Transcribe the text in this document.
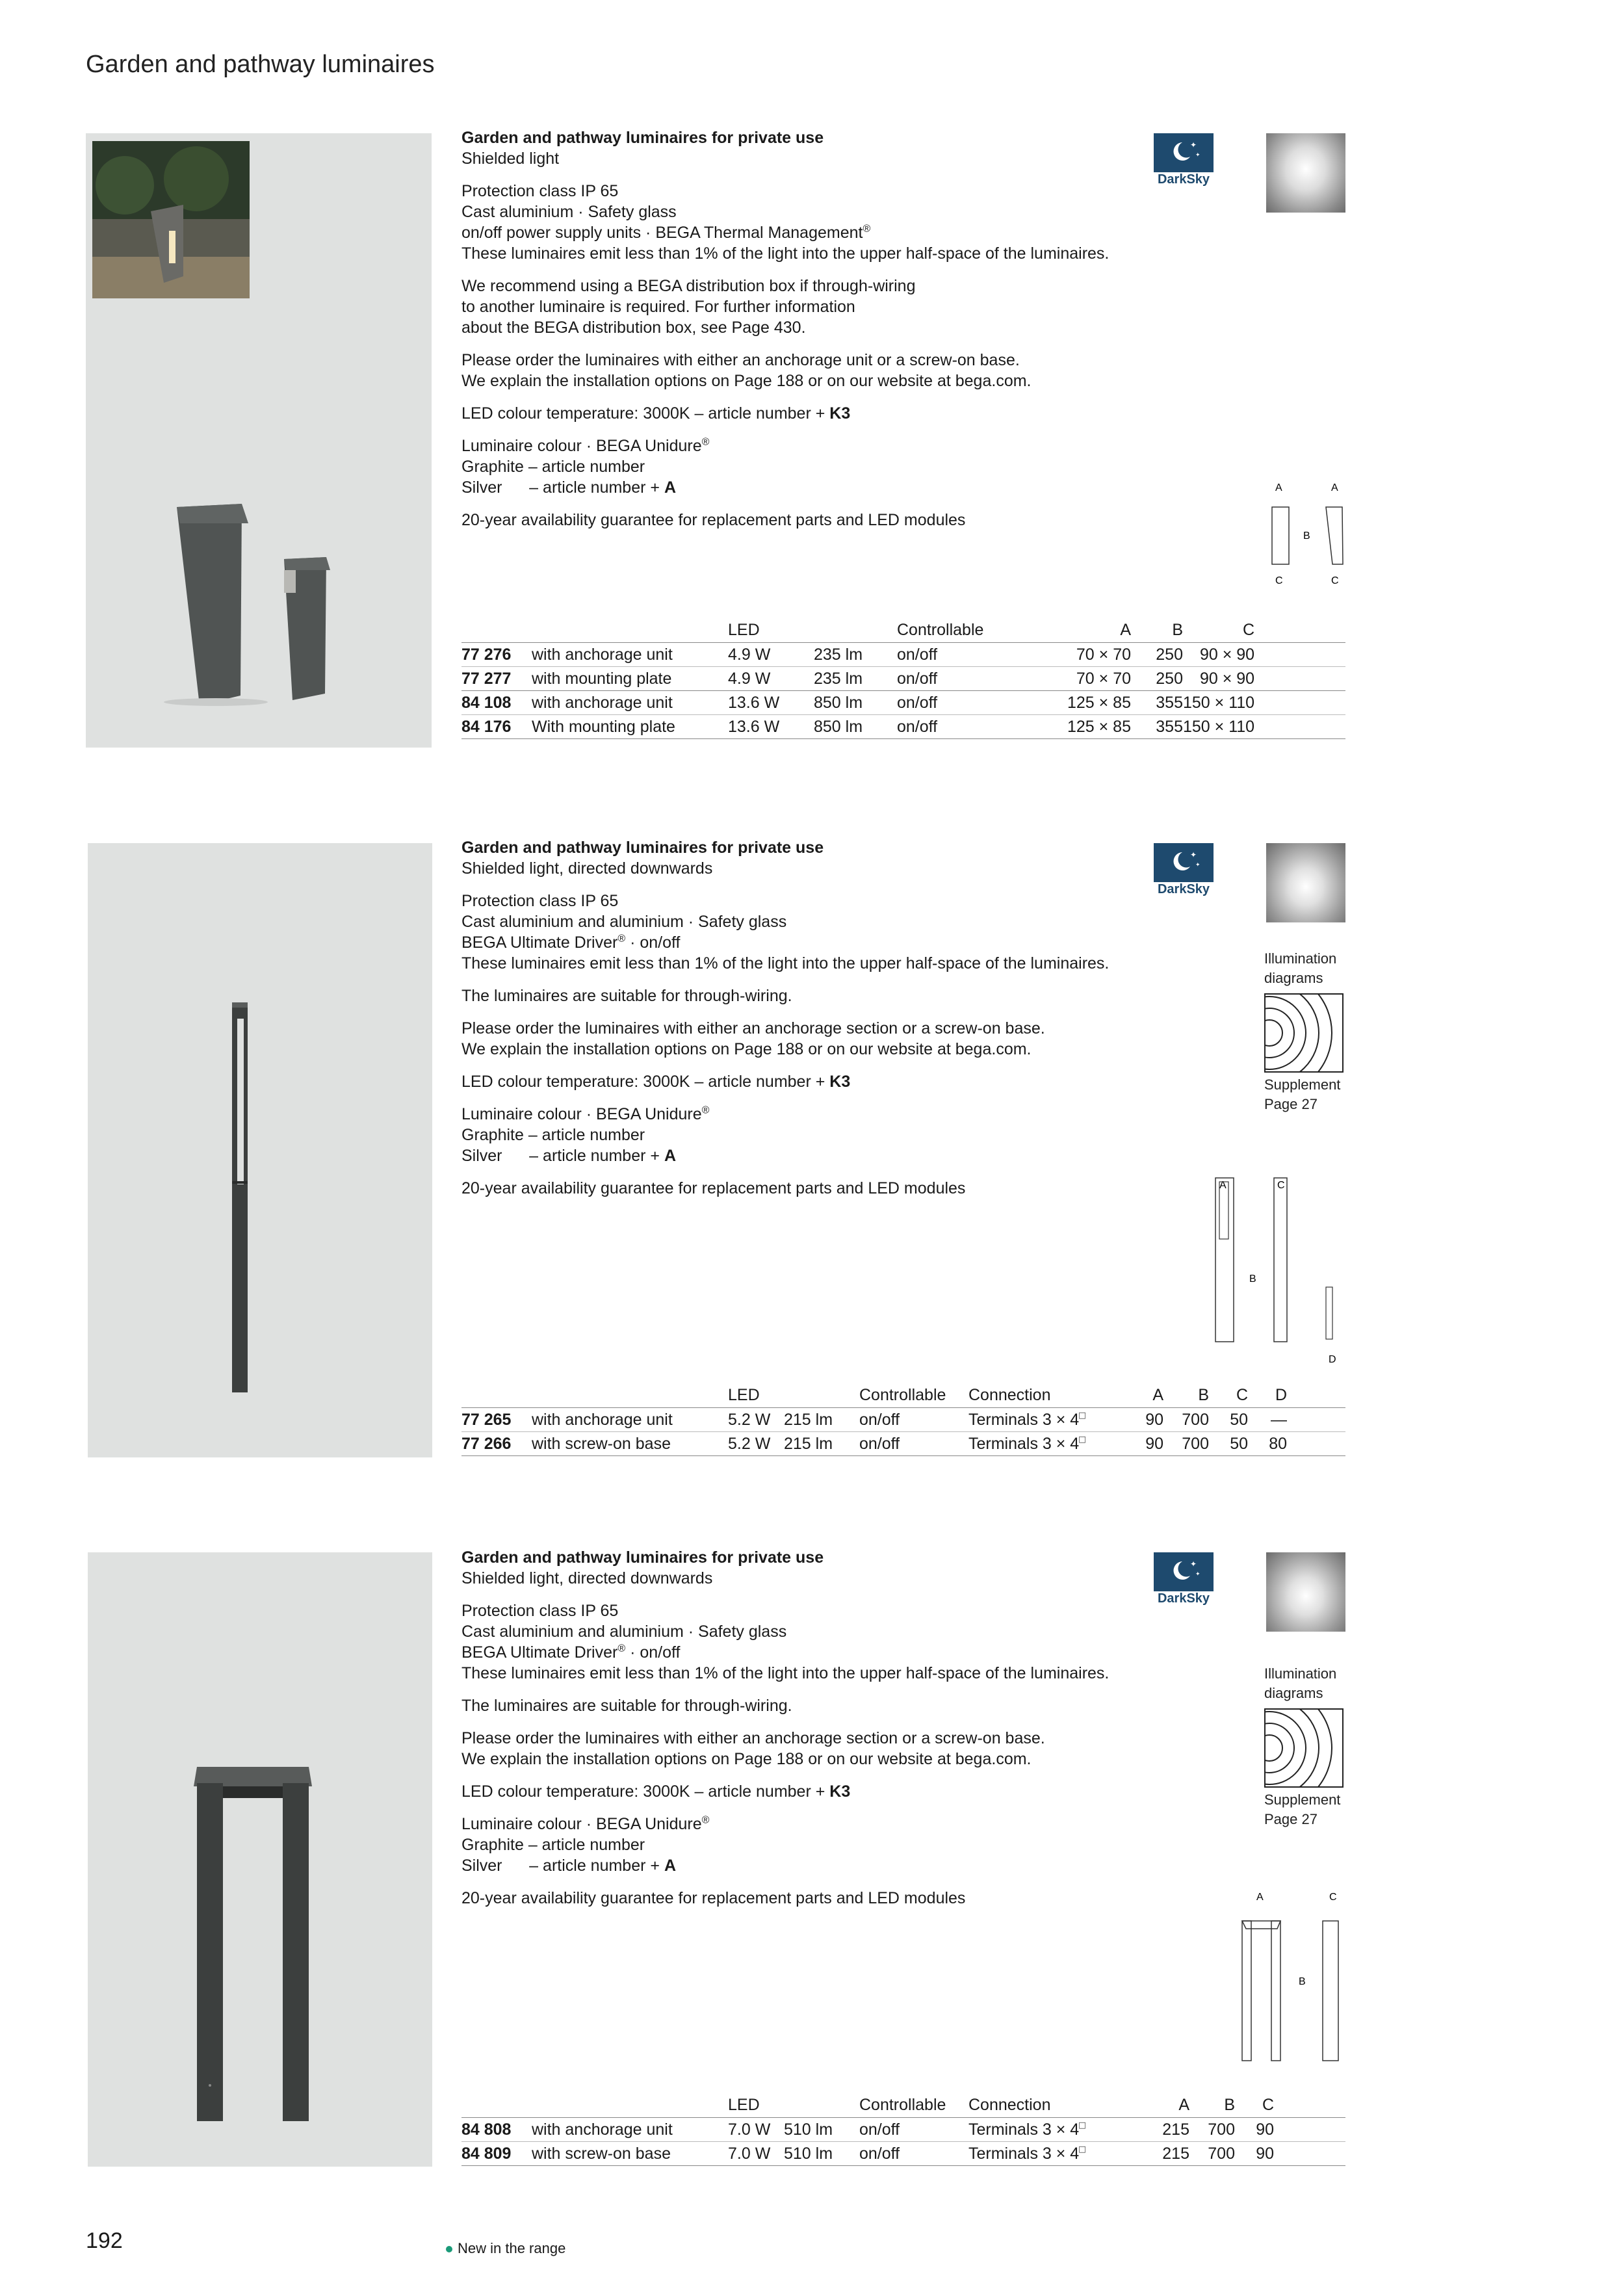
Garden and pathway luminaires

Garden and pathway luminaires for private use
Shielded light

Protection class IP 65
Cast aluminium · Safety glass
on/off power supply units · BEGA Thermal Management®
These luminaires emit less than 1% of the light into the upper half-space of the luminaires.

We recommend using a BEGA distribution box if through-wiring
to another luminaire is required. For further information
about the BEGA distribution box, see Page 430.

Please order the luminaires with either an anchorage unit or a screw-on base.
We explain the installation options on Page 188 or on our website at bega.com.

LED colour temperature: 3000K – article number + K3

Luminaire colour · BEGA Unidure®
Graphite – article number
Silver      – article number + A

20-year availability guarantee for replacement parts and LED modules

✦
✦
DarkSky
A	A
B
C	C
		LED		Controllable	A	B	C	
77 276	with anchorage unit	4.9 W	235 lm	on/off	70 × 70	250	90 × 90	
77 277	with mounting plate	4.9 W	235 lm	on/off	70 × 70	250	90 × 90	
84 108	with anchorage unit	13.6 W	850 lm	on/off	125 × 85	355	150 × 110	
84 176	With mounting plate	13.6 W	850 lm	on/off	125 × 85	355	150 × 110	

Garden and pathway luminaires for private use
Shielded light, directed downwards

Protection class IP 65
Cast aluminium and aluminium · Safety glass
BEGA Ultimate Driver® · on/off
These luminaires emit less than 1% of the light into the upper half-space of the luminaires.

The luminaires are suitable for through-wiring.

Please order the luminaires with either an anchorage section or a screw-on base.
We explain the installation options on Page 188 or on our website at bega.com.

LED colour temperature: 3000K – article number + K3

Luminaire colour · BEGA Unidure®
Graphite – article number
Silver      – article number + A

20-year availability guarantee for replacement parts and LED modules

✦
✦
DarkSky
Illumination
diagrams
Supplement
Page 27
A	C
B
D
		LED		Controllable	Connection	A	B	C	D	
77 265	with anchorage unit	5.2 W	215 lm	on/off	Terminals 3 × 4□	90	700	50	—	
77 266	with screw-on base	5.2 W	215 lm	on/off	Terminals 3 × 4□	90	700	50	80	

Garden and pathway luminaires for private use
Shielded light, directed downwards

Protection class IP 65
Cast aluminium and aluminium · Safety glass
BEGA Ultimate Driver® · on/off
These luminaires emit less than 1% of the light into the upper half-space of the luminaires.

The luminaires are suitable for through-wiring.

Please order the luminaires with either an anchorage section or a screw-on base.
We explain the installation options on Page 188 or on our website at bega.com.

LED colour temperature: 3000K – article number + K3

Luminaire colour · BEGA Unidure®
Graphite – article number
Silver      – article number + A

20-year availability guarantee for replacement parts and LED modules

✦
✦
DarkSky
Illumination
diagrams
Supplement
Page 27
A	C
B
		LED		Controllable	Connection	A	B	C	
84 808	with anchorage unit	7.0 W	510 lm	on/off	Terminals 3 × 4□	215	700	90	
84 809	with screw-on base	7.0 W	510 lm	on/off	Terminals 3 × 4□	215	700	90	
192	New in the range
